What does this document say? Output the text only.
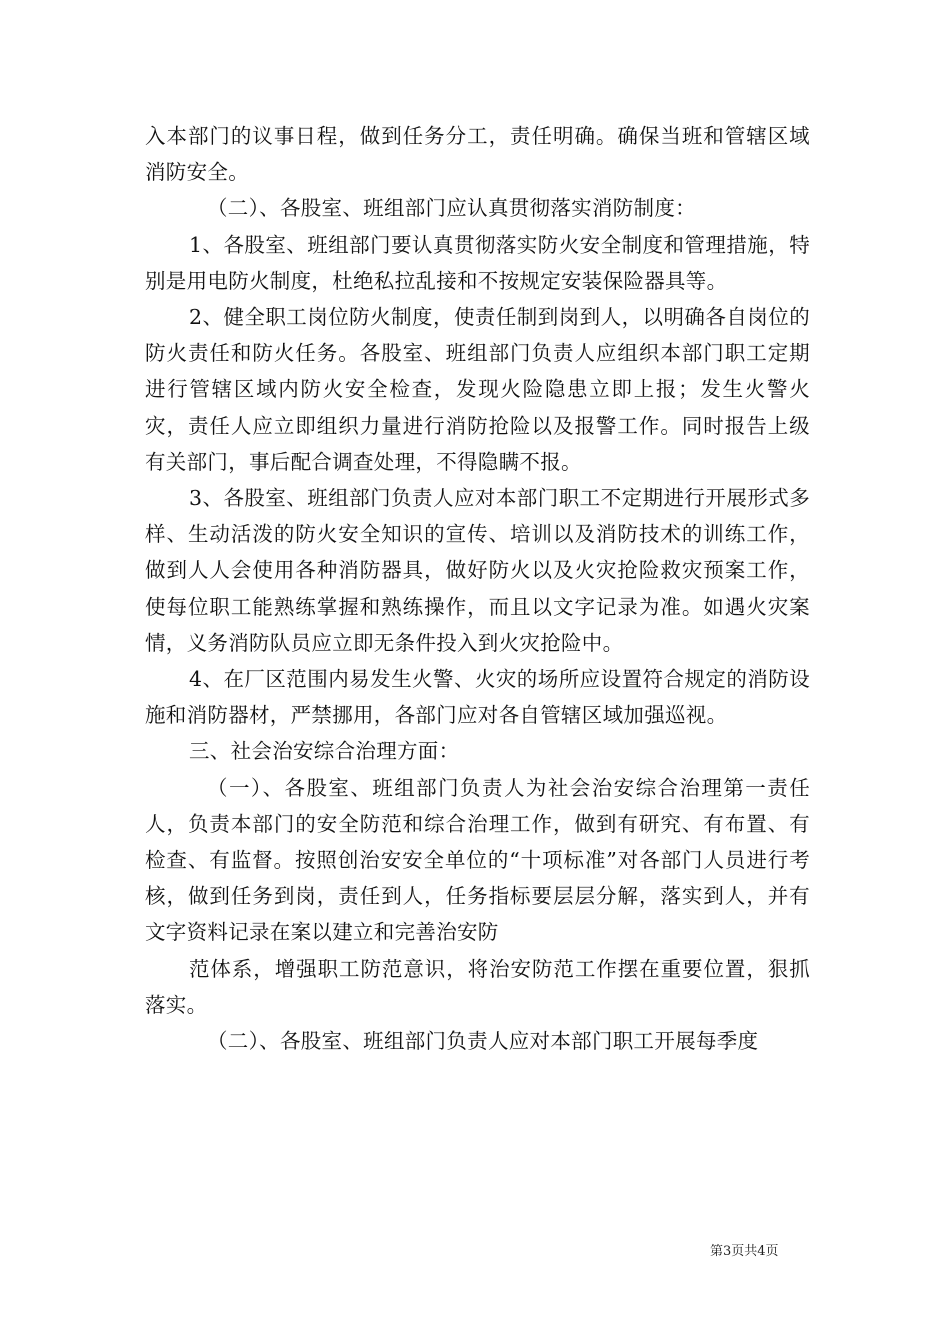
入本部门的议事日程，做到任务分工，责任明确。确保当班和管辖区域消防安全。

（二）、各股室、班组部门应认真贯彻落实消防制度：

1、各股室、班组部门要认真贯彻落实防火安全制度和管理措施，特别是用电防火制度，杜绝私拉乱接和不按规定安装保险器具等。

2、健全职工岗位防火制度，使责任制到岗到人，以明确各自岗位的防火责任和防火任务。各股室、班组部门负责人应组织本部门职工定期进行管辖区域内防火安全检查，发现火险隐患立即上报；发生火警火灾，责任人应立即组织力量进行消防抢险以及报警工作。同时报告上级有关部门，事后配合调查处理，不得隐瞒不报。

3、各股室、班组部门负责人应对本部门职工不定期进行开展形式多样、生动活泼的防火安全知识的宣传、培训以及消防技术的训练工作，做到人人会使用各种消防器具，做好防火以及火灾抢险救灾预案工作，使每位职工能熟练掌握和熟练操作，而且以文字记录为准。如遇火灾案情，义务消防队员应立即无条件投入到火灾抢险中。

4、在厂区范围内易发生火警、火灾的场所应设置符合规定的消防设施和消防器材，严禁挪用，各部门应对各自管辖区域加强巡视。

三、社会治安综合治理方面：

（一）、各股室、班组部门负责人为社会治安综合治理第一责任人，负责本部门的安全防范和综合治理工作，做到有研究、有布置、有检查、有监督。按照创治安安全单位的“十项标准”对各部门人员进行考核，做到任务到岗，责任到人，任务指标要层层分解，落实到人，并有文字资料记录在案以建立和完善治安防

范体系，增强职工防范意识，将治安防范工作摆在重要位置，狠抓落实。

（二）、各股室、班组部门负责人应对本部门职工开展每季度

第3页共4页
